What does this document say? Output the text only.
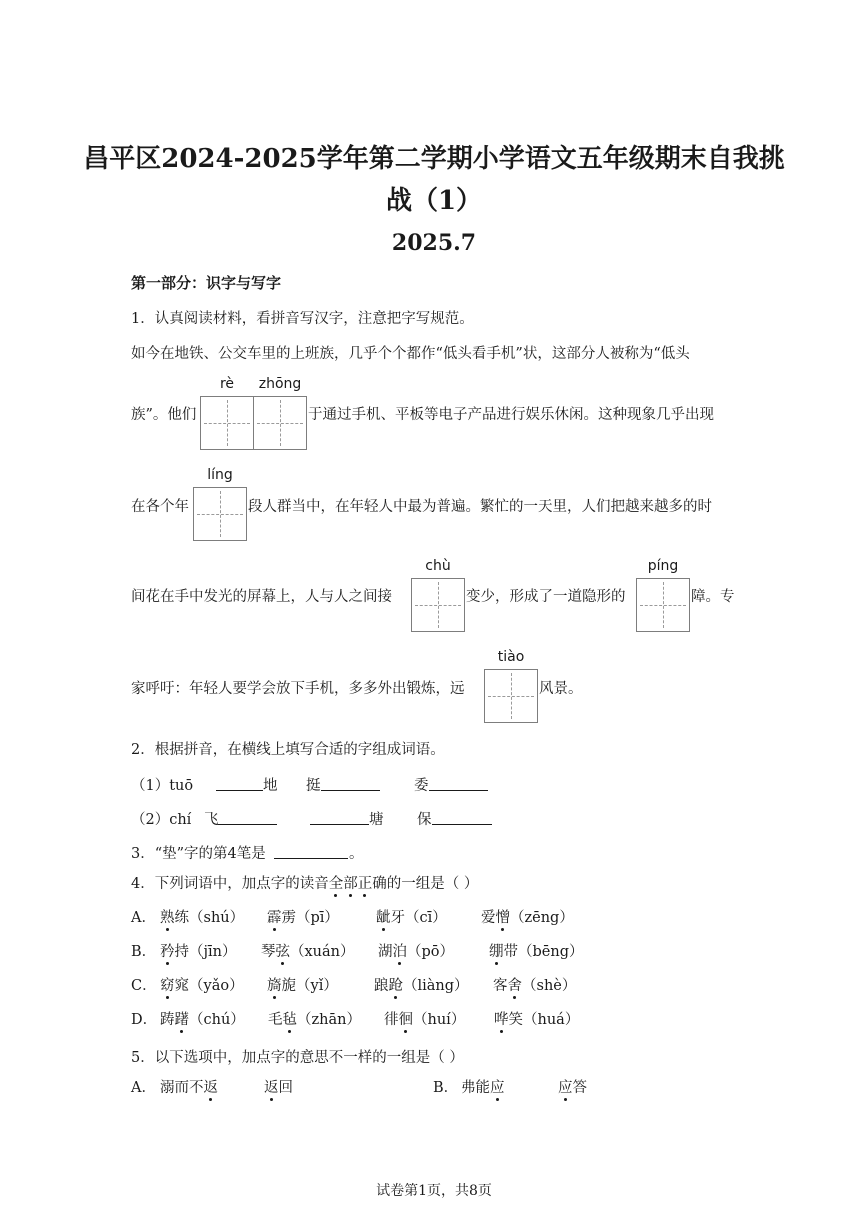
昌平区2024-2025学年第二学期小学语文五年级期末自我挑
战（1）
2025.7
第一部分：识字与写字
1．认真阅读材料，看拼音写汉字，注意把字写规范。
如今在地铁、公交车里的上班族，几乎个个都作“低头看手机”状，这部分人被称为“低头
rè	zhōng
族”。他们	于通过手机、平板等电子产品进行娱乐休闲。这种现象几乎出现
líng
在各个年	段人群当中，在年轻人中最为普遍。繁忙的一天里，人们把越来越多的时
chù	píng
间花在手中发光的屏幕上，人与人之间接	变少，形成了一道隐形的	障。专
tiào
家呼吁：年轻人要学会放下手机，多多外出锻炼，远	风景。
2．根据拼音，在横线上填写合适的字组成词语。
（1）tuō	地 挺	委
（2）chí 飞	塘 保
3．“垫”字的第4笔是	。
4．下列词语中，加点字的读音全部正确的一组是（ ）
A． 熟练（shú） 霹雳（pī）	龇牙（cī） 爱憎（zēng）
B． 矜持（jīn） 琴弦（xuán） 湖泊（pō） 绷带（bēng）
C． 窈窕（yǎo） 旖旎（yǐ） 踉跄（liàng） 客舍（shè）
D． 踌躇（chú） 毛毡（zhān） 徘徊（huí） 哗笑（huá）
5．以下选项中，加点字的意思不一样的一组是（ ）
A． 溺而不返	返回	B． 弗能应	应答
试卷第1页，共8页
